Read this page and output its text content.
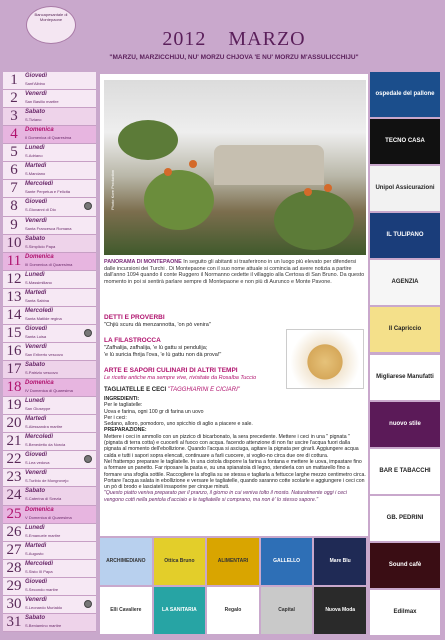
Bancapesantale di Montepaone
2012 MARZO
"MARZU, MARZICCHIJU, NU' MORZU CHJOVA 'E NU' MORZU M'ASSULICCHIJU"
1	Giovedì
Sant'Albino
2	Venerdì
San Basilio martire
3	Sabato
S.Tiziano
4	Domenica
II Domenica di Quaresima
5	Lunedì
S.Adriano
6	Martedì
S.Marciano
7	Mercoledì
Sante Perpetua e Felicita
8	Giovedì
S.Giovanni di Dio
9	Venerdì
Santa Francesca Romana
10 Sabato
S.Simplicio Papa
11 Domenica
III Domenica di Quaresima
12 Lunedì
S.Massimiliano
13 Martedì
Santa Sabina
14 Mercoledì
Santa Matilde regina
15 Giovedì
Santa Luisa
16 Venerdì
San Eriberto vescovo
17 Sabato
S.Patrizio vescovo
18 Domenica
IV Domenica di Quaresima
19 Lunedì
San Giuseppe
20 Martedì
S.Alessandra martire
21 Mercoledì
S.Benedetto da Norcia
22 Giovedì
S.Lea vedova
23 Venerdì
S.Turibio de Mongrovejo
24 Sabato
S.Caterina di Svezia
25 Domenica
V Domenica di Quaresima
26 Lunedì
S.Emanuele martire
27 Martedì
S.Augusto
28 Mercoledì
S.Sisto III Papa
29 Giovedì
S.Secondo martire
30 Venerdì
S.Leonardo Murialdo
31 Sabato
S.Beniamino martire
Photo Kore Production
PANORAMA DI MONTEPAONE In seguito gli abitanti si trasferirono in un luogo più elevato per difendersi dalle incursioni dei Turchi . Di Montepaone con il suo nome attuale si comincia ad avere notizia a partire dall'anno 1094 quando il conte Ruggero il Normanno cedette il villaggio alla Certosa di San Bruno. Da questo momento in poi si sentirà parlare sempre di Montepaone e non più di Aurunco e Monte Pavone.
DETTI E PROVERBI
"Chjiù scuru dà menzannotta, 'on pò venira"
LA FILASTROCCA
"Zafhalija, zafhalija, 'e lù gattu si pendulija;
'e lù suricia fhrija l'ova, 'e lù gattu non dà prova!"
ARTE E SAPORI CULINARI DI ALTRI TEMPI
Le ricette antiche ma sempre vive, rivisitate da Rosalba Tuccio
TAGLIATELLE E CECI "TAGGHIARINI E CICIARI"
INGREDIENTI:
Per le tagliatelle:
Uova e farina, ogni 100 gr di farina un uovo
Per i ceci:
Sedano, alloro, pomodoro, uno spicchio di aglio a piacere e sale.
PREPARAZIONE:
Mettere i ceci in ammollo con un pizzico di bicarbonato, la sera precedente. Mettere i ceci in una " pignata " (pignata di terra cotta) e cuocerli al fuoco con acqua. facendo attenzione di non far uscire l'acqua fuori dalla pignata al momento dell'ebollizione. Quando l'acqua si asciuga, agitare la pignata per girarli. Aggiungere acqua calda e tutti i sapori sopra elencati, continuare a farli cuocere, si voglio-no circa due ore di cottura.
Nel frattempo preparare le tagliatelle. In una ciotola disporre la farina a fontana e mettere le uova, impastare fino a formare un panetto. Far riposare la pasta e, su una spianatoia di legno, stenderla con un mattarello fino a formare una sfoglia sottile. Raccogliere la sfoglia su se stessa e tagliarla a fettucce larghe mezzo centimetro circa. Portare l'acqua salata in ebollizione e versare le tagliatelle, quando saranno cotte scolarle e aggiungere i ceci con un pò di brodo e lasciateli insaporire per cinque minuti.
"Questo piatto veniva preparato per il pranzo, il giorno in cui veniva tolto il mosto. Naturalmente oggi i ceci vengono cotti nella pentola d'acciaio e le tagliatelle si comprano, ma non è' lo stesso sapore."
ospedale del pallone
TECNO CASA
Unipol Assicurazioni
IL TULIPANO
AGENZIA
Il Capriccio
Migliarese Manufatti
nuovo stile
BAR E TABACCHI
GB. PEDRINI
Sound cafè
Edilmax
ARCHIMEDIANO	Ottica Bruno	ALIMENTARI	GALLELLO	Mare Blu
Elli Cavaliere	LA SANITARIA	Regalo	Capital	Nuova Moda
